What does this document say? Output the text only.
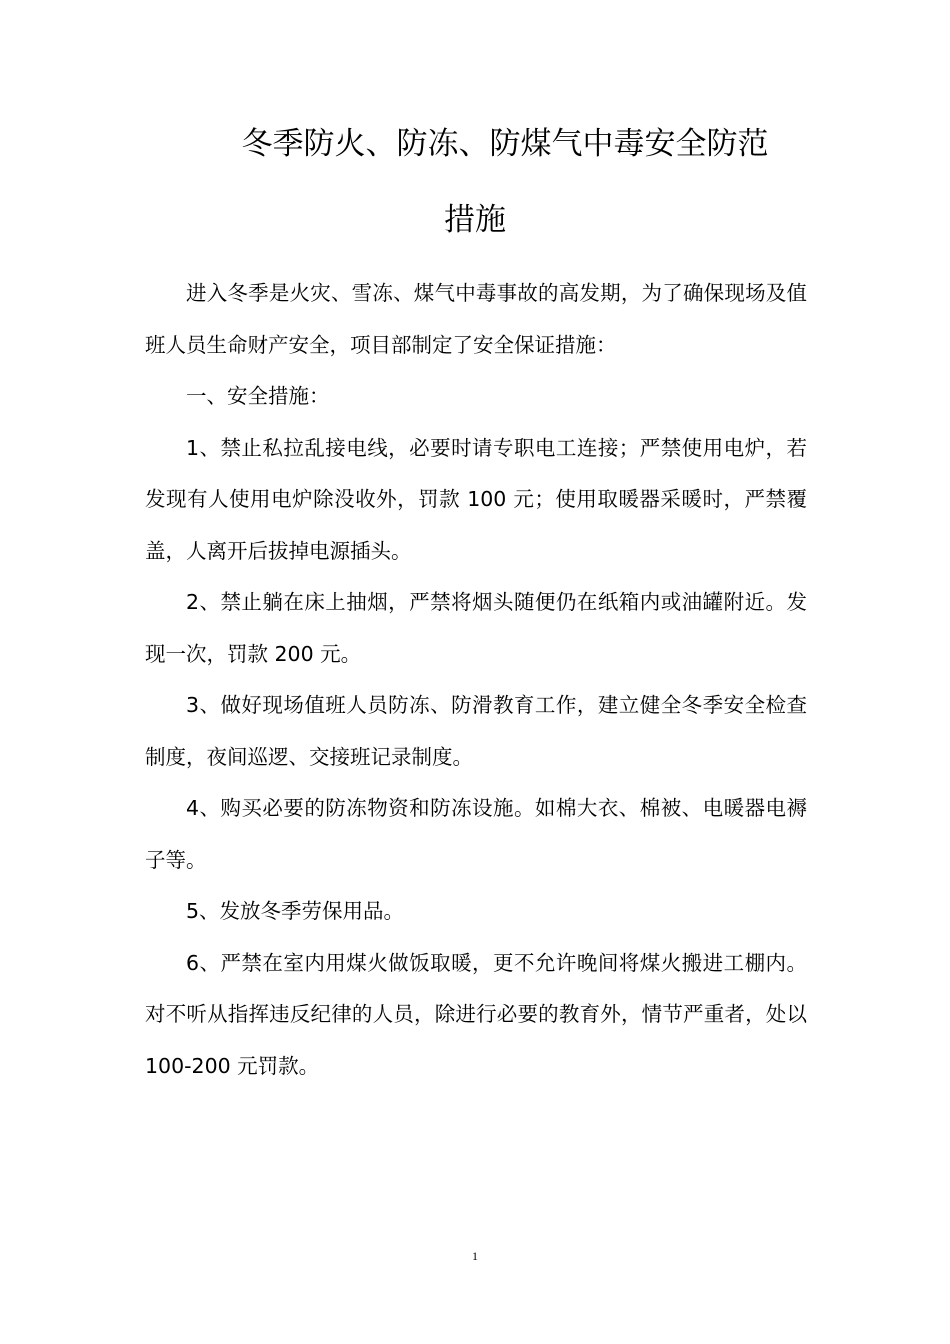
冬季防火、防冻、防煤气中毒安全防范
措施

进入冬季是火灾、雪冻、煤气中毒事故的高发期，为了确保现场及值班人员生命财产安全，项目部制定了安全保证措施：

一、安全措施：

1、禁止私拉乱接电线，必要时请专职电工连接；严禁使用电炉，若发现有人使用电炉除没收外，罚款 100 元；使用取暖器采暖时，严禁覆盖，人离开后拔掉电源插头。

2、禁止躺在床上抽烟，严禁将烟头随便仍在纸箱内或油罐附近。发现一次，罚款 200 元。

3、做好现场值班人员防冻、防滑教育工作，建立健全冬季安全检查制度，夜间巡逻、交接班记录制度。

4、购买必要的防冻物资和防冻设施。如棉大衣、棉被、电暖器电褥子等。

5、发放冬季劳保用品。

6、严禁在室内用煤火做饭取暖，更不允许晚间将煤火搬进工棚内。对不听从指挥违反纪律的人员，除进行必要的教育外，情节严重者，处以 100-200 元罚款。

1
